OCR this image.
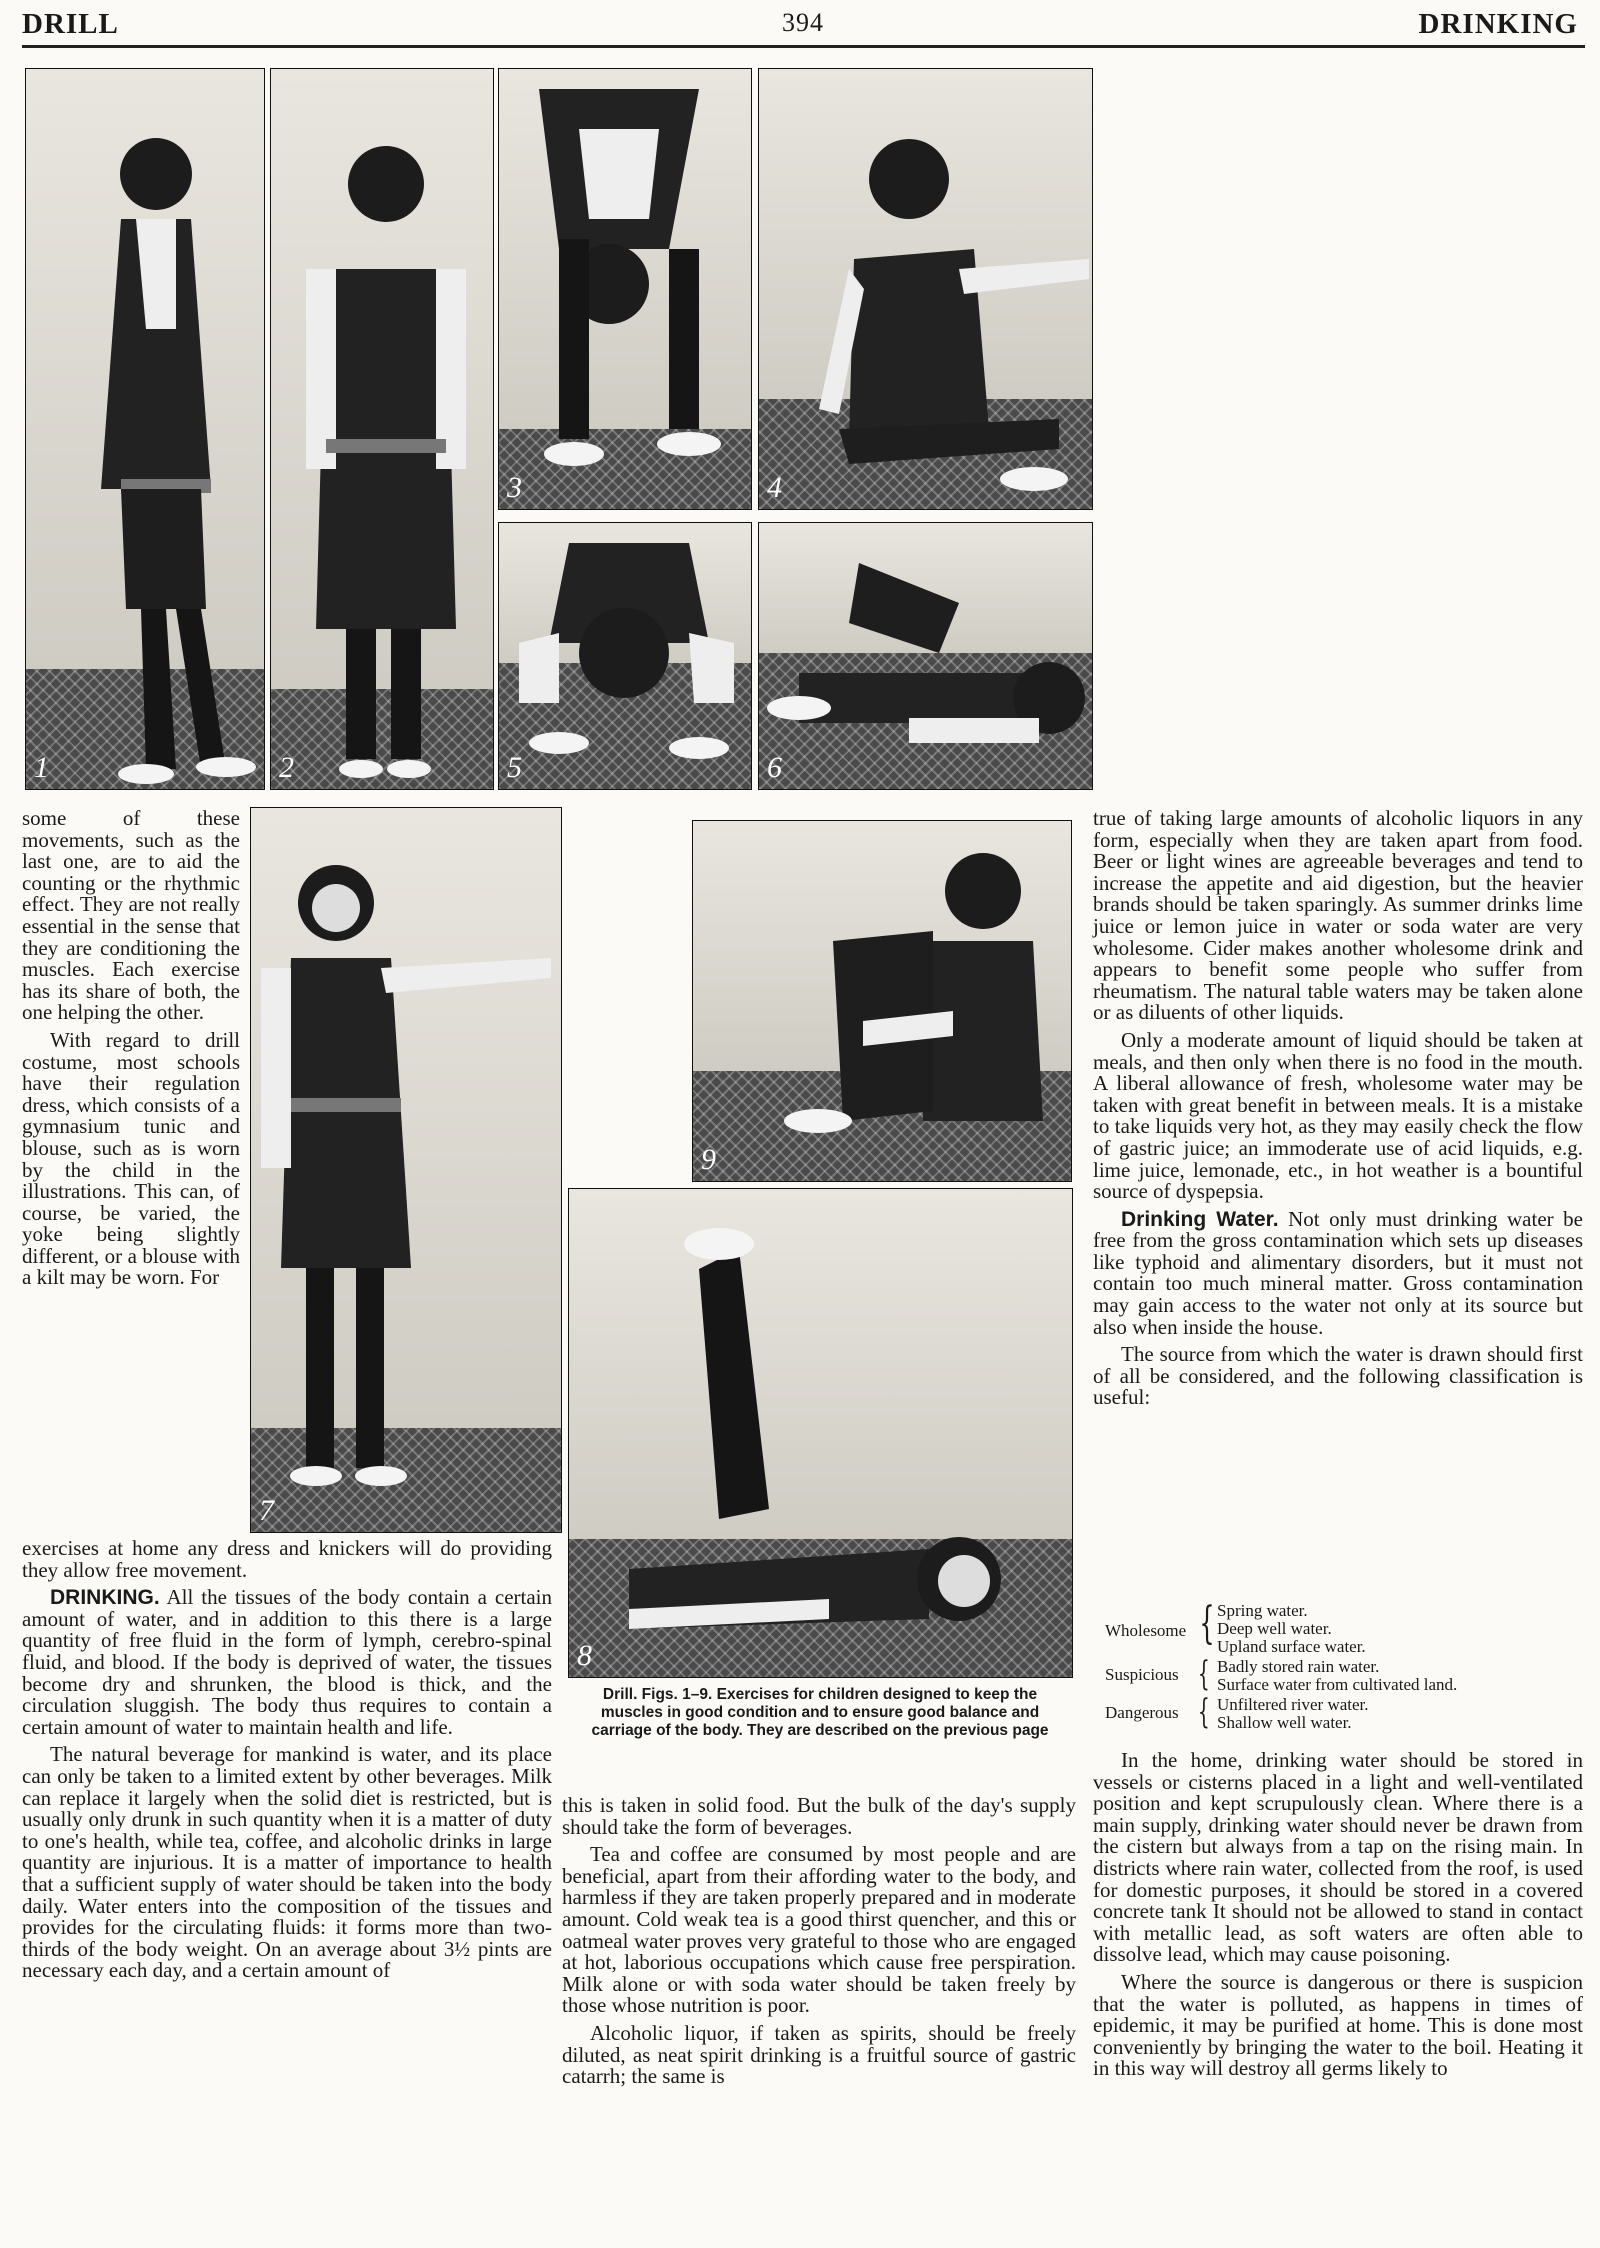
DRILL	394	DRINKING
1	2
3	4
5	6
7
9
8
Drill. Figs. 1–9. Exercises for children designed to keep the muscles in good condition and to ensure good balance and carriage of the body. They are described on the previous page

some of these movements, such as the last one, are to aid the counting or the rhythmic effect. They are not really essential in the sense that they are conditioning the muscles. Each exercise has its share of both, the one helping the other.

With regard to drill costume, most schools have their regulation dress, which consists of a gymnasium tunic and blouse, such as is worn by the child in the illustrations. This can, of course, be varied, the yoke being slightly different, or a blouse with a kilt may be worn. For

exercises at home any dress and knickers will do providing they allow free movement.

DRINKING. All the tissues of the body contain a certain amount of water, and in addition to this there is a large quantity of free fluid in the form of lymph, cerebro-spinal fluid, and blood. If the body is deprived of water, the tissues become dry and shrunken, the blood is thick, and the circulation sluggish. The body thus requires to contain a certain amount of water to maintain health and life.

The natural beverage for mankind is water, and its place can only be taken to a limited extent by other beverages. Milk can replace it largely when the solid diet is restricted, but is usually only drunk in such quantity when it is a matter of duty to one's health, while tea, coffee, and alcoholic drinks in large quantity are injurious. It is a matter of importance to health that a sufficient supply of water should be taken into the body daily. Water enters into the composition of the tissues and provides for the circulating fluids: it forms more than two-thirds of the body weight. On an average about 3½ pints are necessary each day, and a certain amount of

this is taken in solid food. But the bulk of the day's supply should take the form of beverages.

Tea and coffee are consumed by most people and are beneficial, apart from their affording water to the body, and harmless if they are taken properly prepared and in moderate amount. Cold weak tea is a good thirst quencher, and this or oatmeal water proves very grateful to those who are engaged at hot, laborious occupations which cause free perspiration. Milk alone or with soda water should be taken freely by those whose nutrition is poor.

Alcoholic liquor, if taken as spirits, should be freely diluted, as neat spirit drinking is a fruitful source of gastric catarrh; the same is

true of taking large amounts of alcoholic liquors in any form, especially when they are taken apart from food. Beer or light wines are agreeable beverages and tend to increase the appetite and aid digestion, but the heavier brands should be taken sparingly. As summer drinks lime juice or lemon juice in water or soda water are very wholesome. Cider makes another wholesome drink and appears to benefit some people who suffer from rheumatism. The natural table waters may be taken alone or as diluents of other liquids.

Only a moderate amount of liquid should be taken at meals, and then only when there is no food in the mouth. A liberal allowance of fresh, wholesome water may be taken with great benefit in between meals. It is a mistake to take liquids very hot, as they may easily check the flow of gastric juice; an immoderate use of acid liquids, e.g. lime juice, lemonade, etc., in hot weather is a bountiful source of dyspepsia.

Drinking Water. Not only must drinking water be free from the gross contamination which sets up diseases like typhoid and alimentary disorders, but it must not contain too much mineral matter. Gross contamination may gain access to the water not only at its source but also when inside the house.

The source from which the water is drawn should first of all be considered, and the following classification is useful:

Wholesome { Spring water.
Deep well water.
Upland surface water.
Suspicious { Badly stored rain water.
Surface water from cultivated land.
Dangerous { Unfiltered river water.
Shallow well water.

In the home, drinking water should be stored in vessels or cisterns placed in a light and well-ventilated position and kept scrupulously clean. Where there is a main supply, drinking water should never be drawn from the cistern but always from a tap on the rising main. In districts where rain water, collected from the roof, is used for domestic purposes, it should be stored in a covered concrete tank It should not be allowed to stand in contact with metallic lead, as soft waters are often able to dissolve lead, which may cause poisoning.

Where the source is dangerous or there is suspicion that the water is polluted, as happens in times of epidemic, it may be purified at home. This is done most conveniently by bringing the water to the boil. Heating it in this way will destroy all germs likely to
